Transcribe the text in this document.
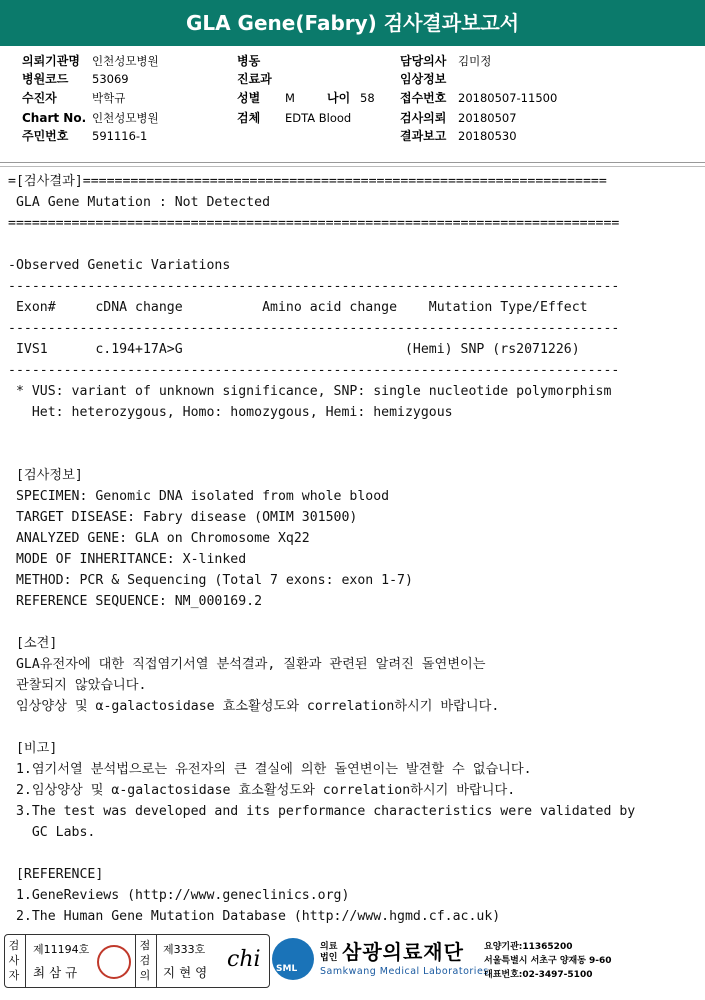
GLA Gene(Fabry) 검사결과보고서
의뢰기관명 인천성모병원
병원코드 53069
수진자	박학규
Chart No. 인천성모병원
주민번호 591116-1
병동
진료과
성별 M	나이 58
검체 EDTA Blood
담당의사 김미정
임상정보
접수번호 20180507-11500
검사의뢰 20180507
결과보고 20180530
=[검사결과]==================================================================
GLA Gene Mutation : Not Detected
=============================================================================
-Observed Genetic Variations
-----------------------------------------------------------------------------
Exon#     cDNA change          Amino acid change    Mutation Type/Effect
-----------------------------------------------------------------------------
IVS1      c.194+17A>G                            (Hemi) SNP (rs2071226)
-----------------------------------------------------------------------------
* VUS: variant of unknown significance, SNP: single nucleotide polymorphism
Het: heterozygous, Homo: homozygous, Hemi: hemizygous
[검사정보]
SPECIMEN: Genomic DNA isolated from whole blood
TARGET DISEASE: Fabry disease (OMIM 301500)
ANALYZED GENE: GLA on Chromosome Xq22
MODE OF INHERITANCE: X-linked
METHOD: PCR & Sequencing (Total 7 exons: exon 1-7)
REFERENCE SEQUENCE: NM_000169.2
[소견]
GLA유전자에 대한 직접염기서열 분석결과, 질환과 관련된 알려진 돌연변이는
관찰되지 않았습니다.
임상양상 및 α-galactosidase 효소활성도와 correlation하시기 바랍니다.
[비고]
1.염기서열 분석법으로는 유전자의 큰 결실에 의한 돌연변이는 발견할 수 없습니다.
2.임상양상 및 α-galactosidase 효소활성도와 correlation하시기 바랍니다.
3.The test was developed and its performance characteristics were validated by
GC Labs.
[REFERENCE]
1.GeneReviews (http://www.geneclinics.org)
2.The Human Gene Mutation Database (http://www.hgmd.cf.ac.uk)
검
사
자
제11194호
최삼규
점
검
의
제333호
지현영
chi SML
의료
법인 삼광의료재단
Samkwang Medical Laboratories
요양기관:11365200
서울특별시 서초구 양재동 9-60
대표번호:02-3497-5100
